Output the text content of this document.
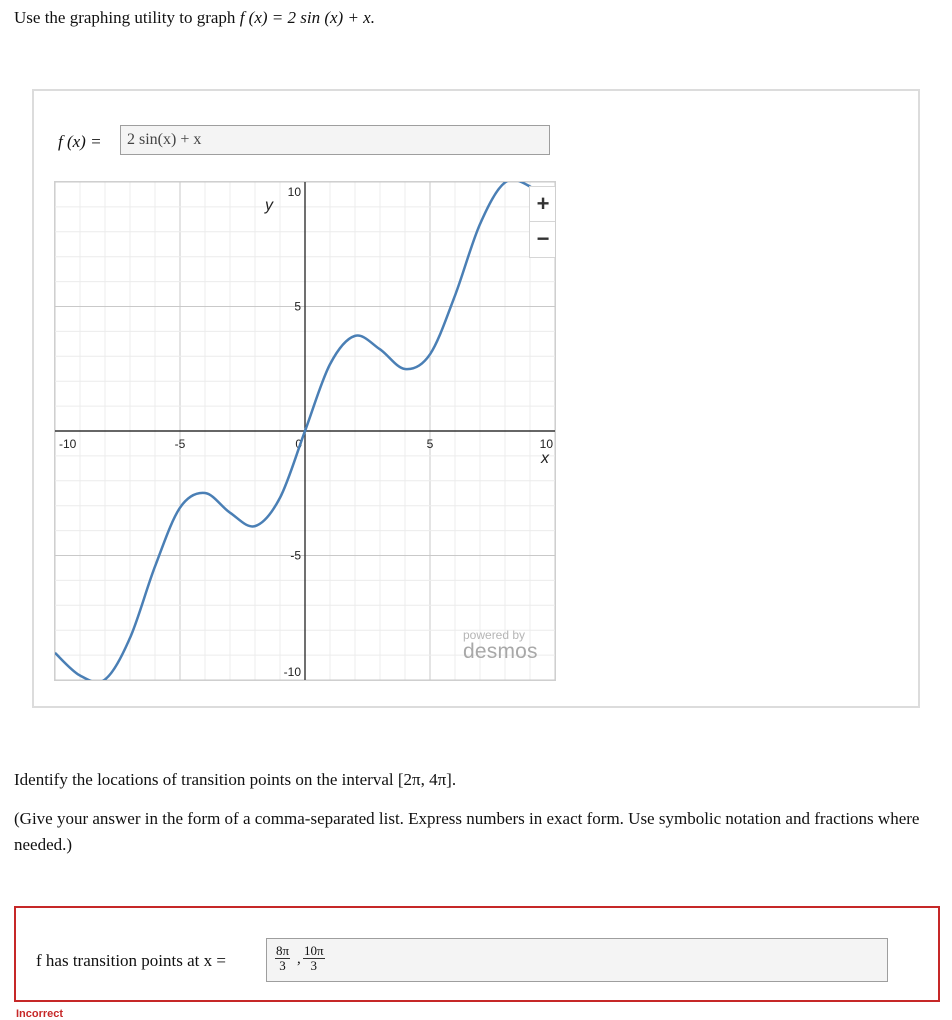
Use the graphing utility to graph f (x) = 2 sin (x) + x.
f (x) =	2 sin(x) + x
-10	-5	0	5	10
10
5
-5
-10
x
y	+
−
powered by
desmos
Identify the locations of transition points on the interval [2π, 4π].
(Give your answer in the form of a comma-separated list. Express numbers in exact form. Use symbolic notation and fractions where needed.)
f has transition points at x =	$\frac{8\pi}{3}$ , $\frac{10\pi}{3}$
Incorrect
